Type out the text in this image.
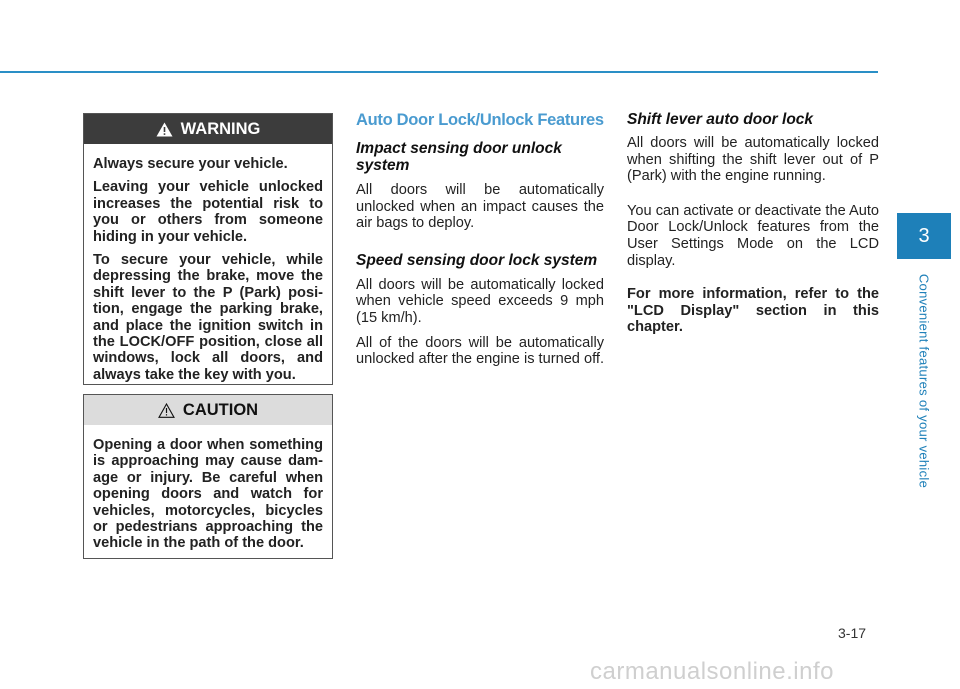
WARNING

Always secure your vehicle.

Leaving your vehicle unlocked increases the potential risk to you or others from someone hiding in your vehicle.

To secure your vehicle, while depressing the brake, move the shift lever to the P (Park) posi-tion, engage the parking brake, and place the ignition switch in the LOCK/OFF position, close all windows, lock all doors, and always take the key with you.

CAUTION

Opening a door when something is approaching may cause dam-age or injury. Be careful when opening doors and watch for vehicles, motorcycles, bicycles or pedestrians approaching the vehicle in the path of the door.

Auto Door Lock/Unlock Features
Impact sensing door unlock system

All doors will be automatically unlocked when an impact causes the air bags to deploy.

Speed sensing door lock system

All doors will be automatically locked when vehicle speed exceeds 9 mph (15 km/h).

All of the doors will be automatically unlocked after the engine is turned off.

Shift lever auto door lock

All doors will be automatically locked when shifting the shift lever out of P (Park) with the engine running.

You can activate or deactivate the Auto Door Lock/Unlock features from the User Settings Mode on the LCD display.

For more information, refer to the "LCD Display" section in this chapter.

3
Convenient features of your vehicle
3-17
carmanualsonline.info
